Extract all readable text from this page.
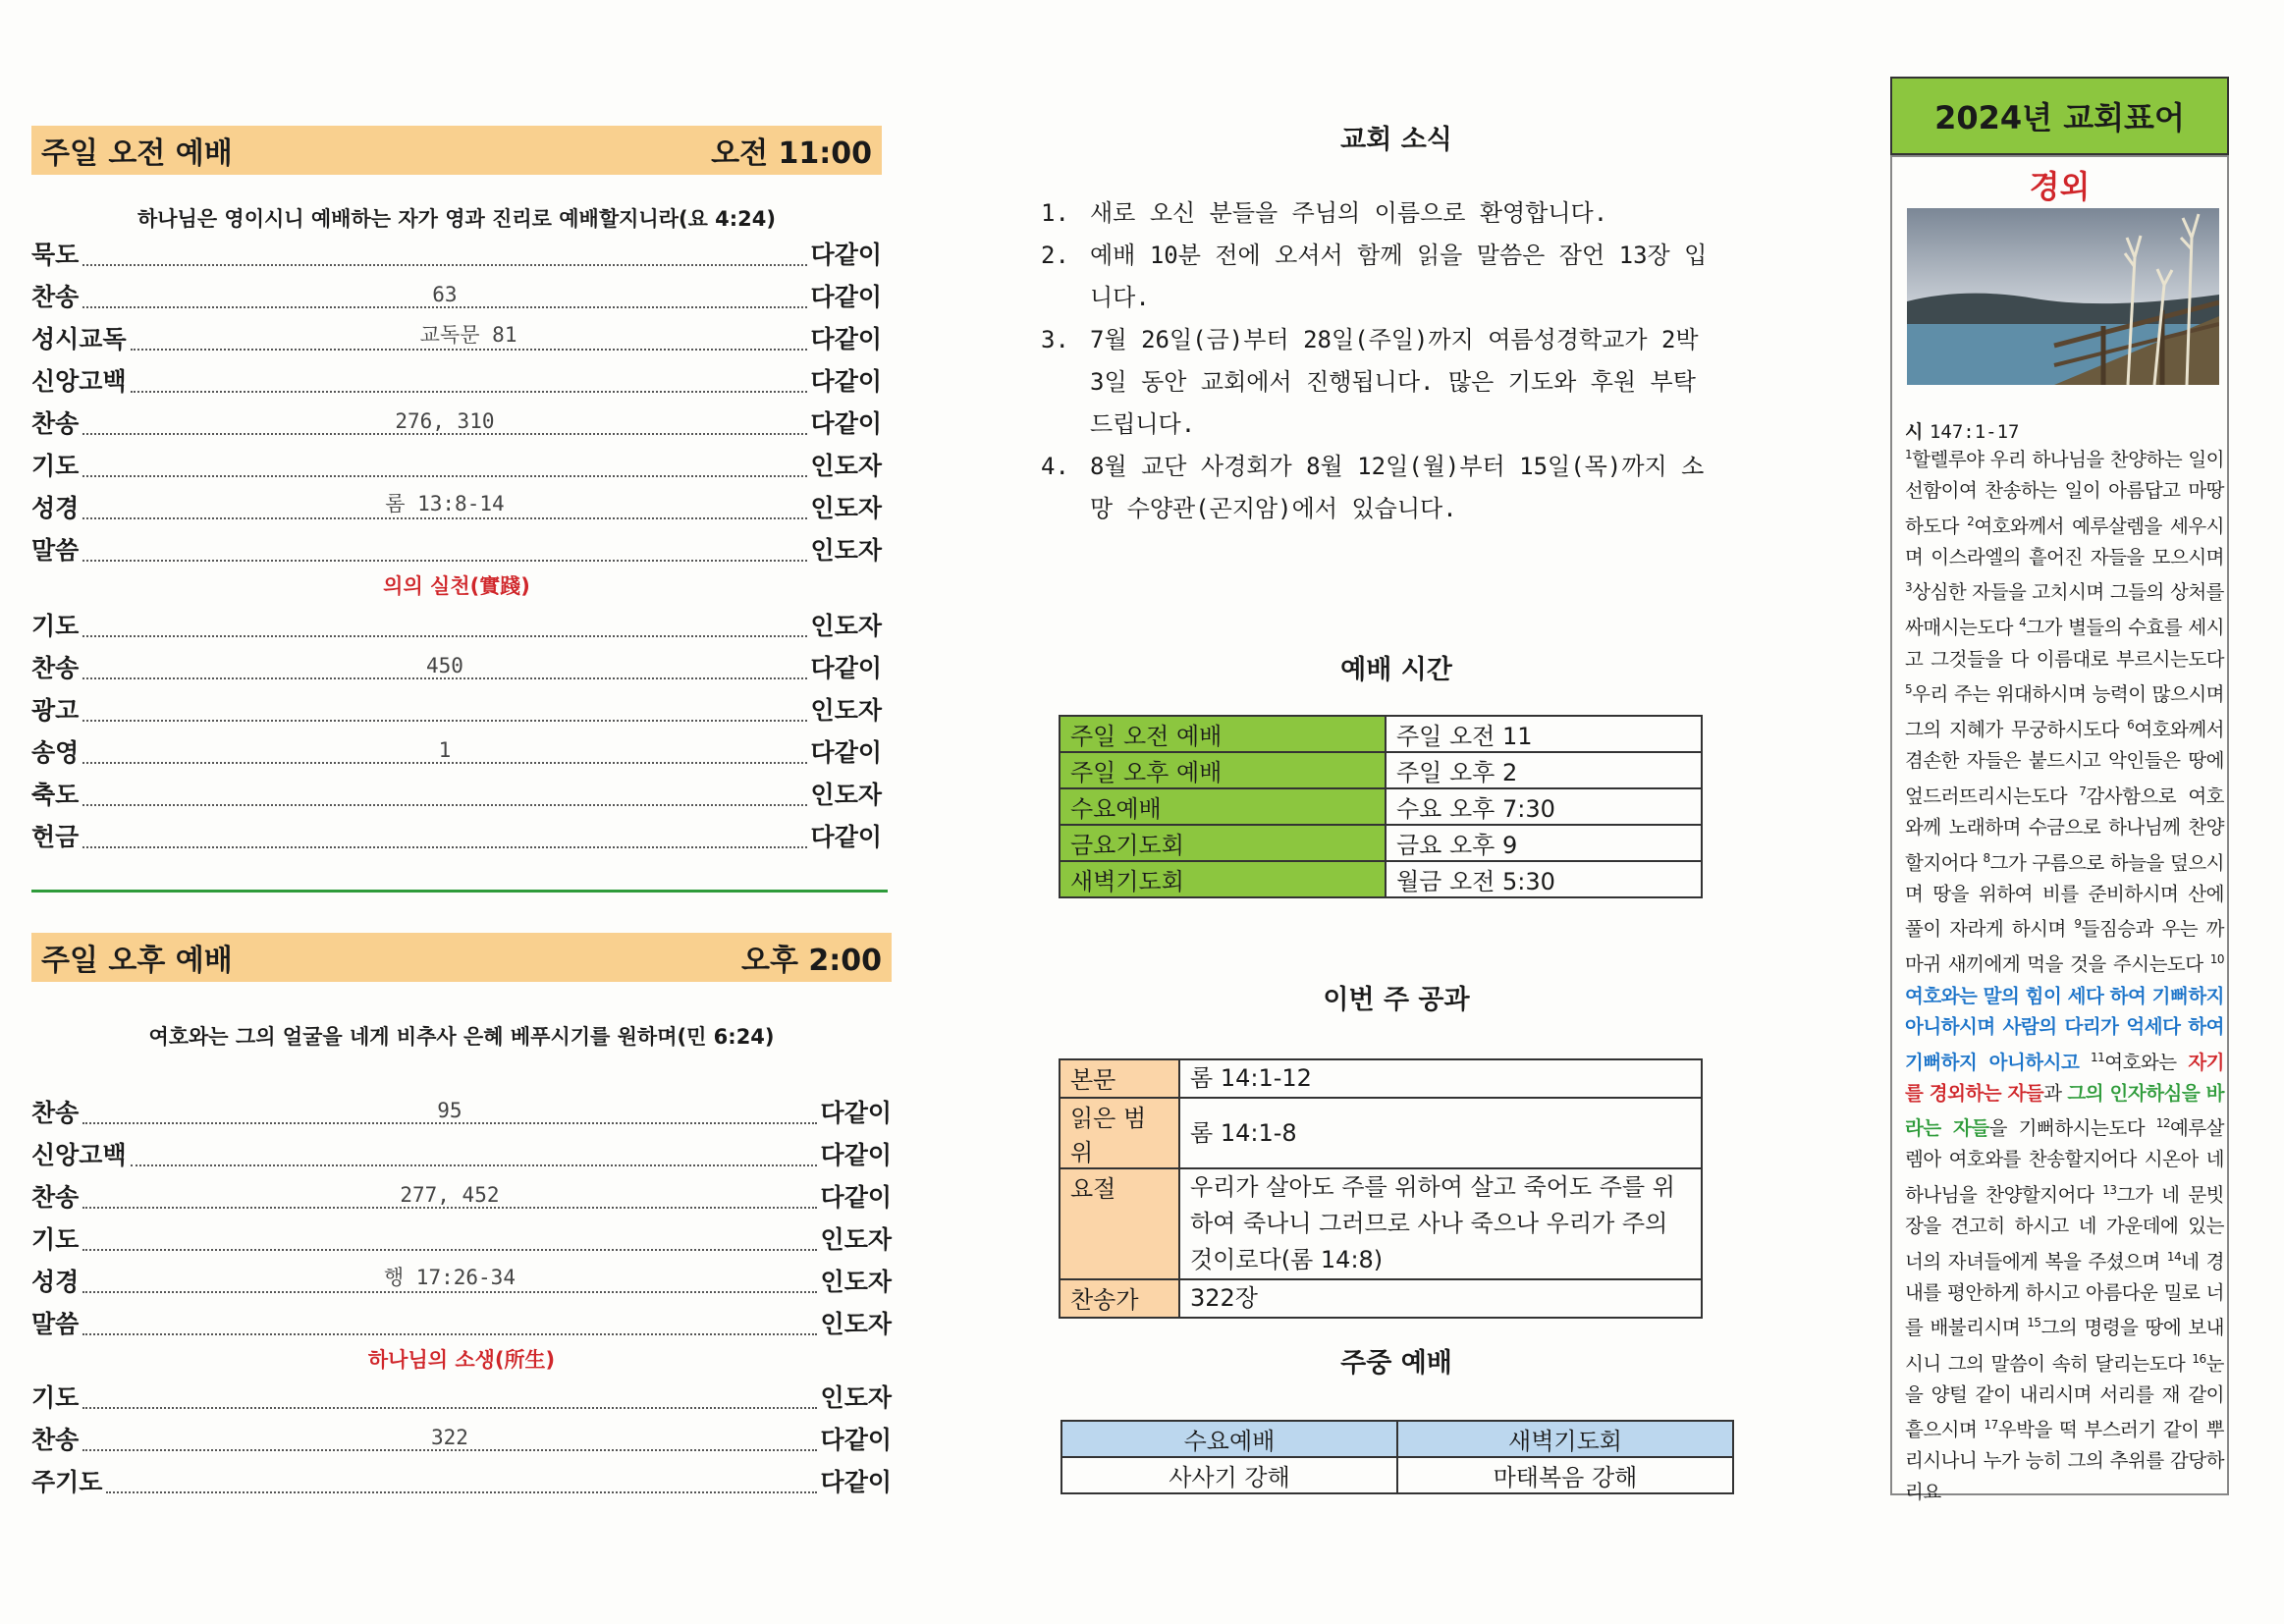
주일 오전 예배	오전 11:00
하나님은 영이시니 예배하는 자가 영과 진리로 예배할지니라(요 4:24)
묵도	다같이
찬송	63	다같이
성시교독	교독문 81	다같이
신앙고백	다같이
찬송	276, 310	다같이
기도	인도자
성경	롬 13:8-14	인도자
말씀	인도자
의의 실천(實踐)
기도	인도자
찬송	450	다같이
광고	인도자
송영	1	다같이
축도	인도자
헌금	다같이
주일 오후 예배	오후 2:00
여호와는 그의 얼굴을 네게 비추사 은혜 베푸시기를 원하며(민 6:24)
찬송	95	다같이
신앙고백	다같이
찬송	277, 452	다같이
기도	인도자
성경	행 17:26-34	인도자
말씀	인도자
하나님의 소생(所生)
기도	인도자
찬송	322	다같이
주기도	다같이
교회 소식
1. 새로 오신 분들을 주님의 이름으로 환영합니다.
2. 예배 10분 전에 오셔서 함께 읽을 말씀은 잠언 13장 입니다.
3. 7월 26일(금)부터 28일(주일)까지 여름성경학교가 2박 3일 동안 교회에서 진행됩니다. 많은 기도와 후원 부탁 드립니다.
4. 8월 교단 사경회가 8월 12일(월)부터 15일(목)까지 소망 수양관(곤지암)에서 있습니다.
예배 시간
주일 오전 예배	주일 오전 11
주일 오후 예배	주일 오후 2
수요예배	수요 오후 7:30
금요기도회	금요 오후 9
새벽기도회	월금 오전 5:30
이번 주 공과
본문	롬 14:1-12
읽은 범위	롬 14:1-8
요절	우리가 살아도 주를 위하여 살고 죽어도 주를 위하여 죽나니 그러므로 사나 죽으나 우리가 주의 것이로다(롬 14:8)
찬송가	322장
주중 예배
수요예배	새벽기도회
사사기 강해	마태복음 강해
2024년 교회표어
경외
시 147:1-17
$^1$할렐루야 우리 하나님을 찬양하는 일이 선함이여 찬송하는 일이 아름답고 마땅하도다 $^2$여호와께서 예루살렘을 세우시며 이스라엘의 흩어진 자들을 모으시며 $^3$상심한 자들을 고치시며 그들의 상처를 싸매시는도다 $^4$그가 별들의 수효를 세시고 그것들을 다 이름대로 부르시는도다 $^5$우리 주는 위대하시며 능력이 많으시며 그의 지혜가 무궁하시도다 $^6$여호와께서 겸손한 자들은 붙드시고 악인들은 땅에 엎드러뜨리시는도다 $^7$감사함으로 여호와께 노래하며 수금으로 하나님께 찬양할지어다 $^8$그가 구름으로 하늘을 덮으시며 땅을 위하여 비를 준비하시며 산에 풀이 자라게 하시며 $^9$들짐승과 우는 까마귀 새끼에게 먹을 것을 주시는도다 $^{10}$여호와는 말의 힘이 세다 하여 기뻐하지 아니하시며 사람의 다리가 억세다 하여 기뻐하지 아니하시고 $^{11}$여호와는 자기를 경외하는 자들과 그의 인자하심을 바라는 자들을 기뻐하시는도다 $^{12}$예루살렘아 여호와를 찬송할지어다 시온아 네 하나님을 찬양할지어다 $^{13}$그가 네 문빗장을 견고히 하시고 네 가운데에 있는 너의 자녀들에게 복을 주셨으며 $^{14}$네 경내를 평안하게 하시고 아름다운 밀로 너를 배불리시며 $^{15}$그의 명령을 땅에 보내시니 그의 말씀이 속히 달리는도다 $^{16}$눈을 양털 같이 내리시며 서리를 재 같이 흩으시며 $^{17}$우박을 떡 부스러기 같이 뿌리시나니 누가 능히 그의 추위를 감당하리요
